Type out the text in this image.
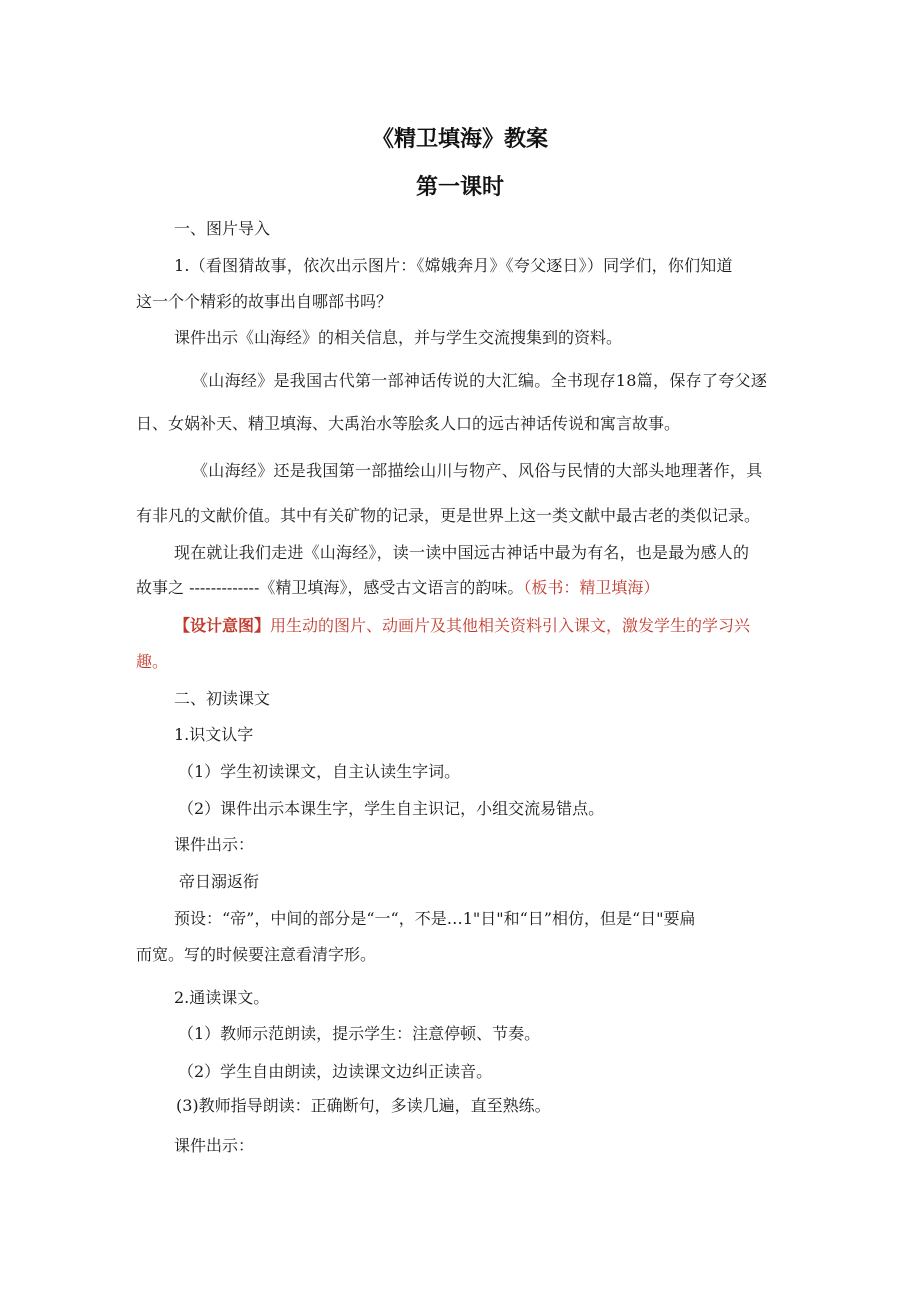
《精卫填海》教案
第一课时
一、图片导入
1.（看图猜故事，依次出示图片：《嫦娥奔月》《夸父逐日》）同学们，你们知道
这一个个精彩的故事出自哪部书吗？
课件出示《山海经》的相关信息，并与学生交流搜集到的资料。
《山海经》是我国古代第一部神话传说的大汇编。全书现存18篇，保存了夸父逐
日、女娲补天、精卫填海、大禹治水等脍炙人口的远古神话传说和寓言故事。
《山海经》还是我国第一部描绘山川与物产、风俗与民情的大部头地理著作，具
有非凡的文献价值。其中有关矿物的记录，更是世界上这一类文献中最古老的类似记录。
现在就让我们走进《山海经》，读一读中国远古神话中最为有名，也是最为感人的
故事之 -------------《精卫填海》，感受古文语言的韵味。（板书：精卫填海）
【设计意图】用生动的图片、动画片及其他相关资料引入课文，激发学生的学习兴
趣。
二、初读课文
1.识文认字
（1）学生初读课文，自主认读生字词。
（2）课件出示本课生字，学生自主识记，小组交流易错点。
课件出示：
帝日溺返衔
预设：“帝”，中间的部分是“一“，不是…1"日"和“日”相仿，但是“日"要扁
而宽。写的时候要注意看清字形。
2.通读课文。
（1）教师示范朗读，提示学生：注意停顿、节奏。
（2）学生自由朗读，边读课文边纠正读音。
(3)教师指导朗读：正确断句，多读几遍，直至熟练。
课件出示：
